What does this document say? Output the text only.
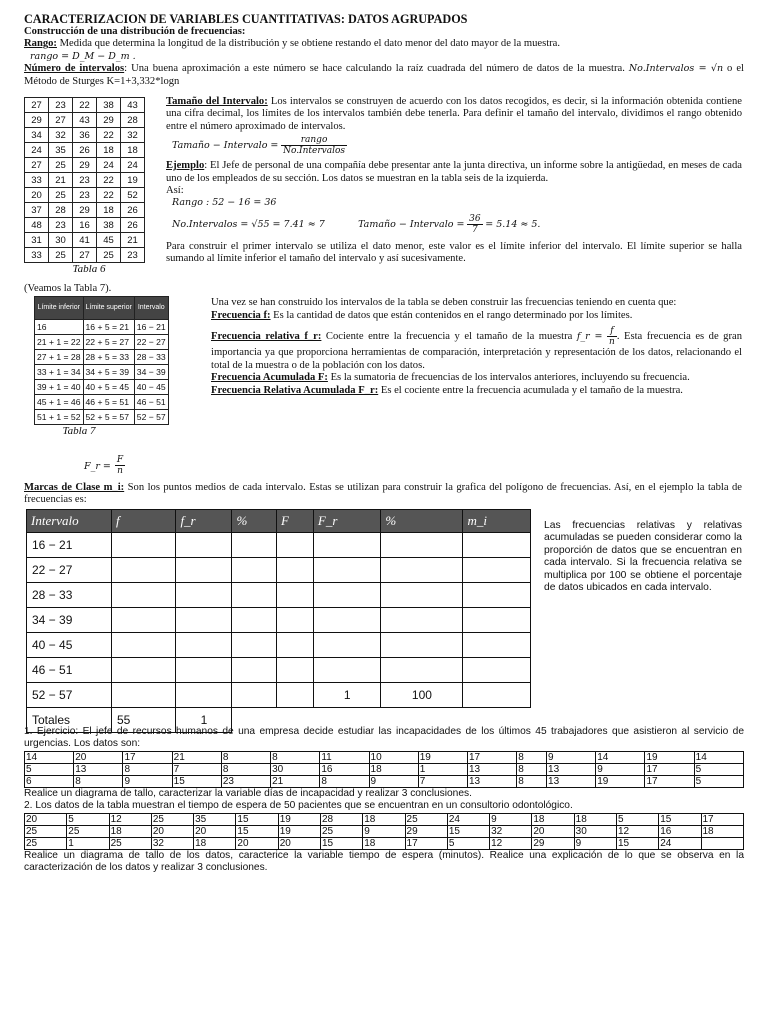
CARACTERIZACION DE VARIABLES CUANTITATIVAS: DATOS AGRUPADOS

Construcción de una distribución de frecuencias:

Rango: Medida que determina la longitud de la distribución y se obtiene restando el dato menor del dato mayor de la muestra.

rango = D_M − D_m .

Número de intervalos: Una buena aproximación a este número se hace calculando la raíz cuadrada del número de datos de la muestra. No.Intervalos = √n o el Método de Sturges K=1+3,332*logn

27	23	22	38	43
29	27	43	29	28
34	32	36	22	32
24	35	26	18	18
27	25	29	24	24
33	21	23	22	19
20	25	23	22	52
37	28	29	18	26
48	23	16	38	26
31	30	41	45	21
33	25	27	25	23
Tabla 6

Tamaño del Intervalo: Los intervalos se construyen de acuerdo con los datos recogidos, es decir, si la información obtenida contiene una cifra decimal, los límites de los intervalos también debe tenerla. Para definir el tamaño del intervalo, dividimos el rango obtenido entre el número aproximado de intervalos.

Tamaño − Intervalo = $\frac{\text{rango}}{\text{No.Intervalos}}$

Ejemplo: El Jefe de personal de una compañía debe presentar ante la junta directiva, un informe sobre la antigüedad, en meses de cada uno de los empleados de su sección. Los datos se muestran en la tabla seis de la izquierda.

Así:

Rango : 52 − 16 = 36

No.Intervalos = √55 = 7.41 ≈ 7	Tamaño − Intervalo = $\frac{36}{7} = 5.14 \approx 5$.

Para construir el primer intervalo se utiliza el dato menor, este valor es el límite inferior del intervalo. El límite superior se halla sumando al límite inferior el tamaño del intervalo y así sucesivamente.

(Veamos la Tabla 7).

Límite inferior	Límite superior	Intervalo
16	16 + 5 = 21	16 − 21
21 + 1 = 22	22 + 5 = 27	22 − 27
27 + 1 = 28	28 + 5 = 33	28 − 33
33 + 1 = 34	34 + 5 = 39	34 − 39
39 + 1 = 40	40 + 5 = 45	40 − 45
45 + 1 = 46	46 + 5 = 51	46 − 51
51 + 1 = 52	52 + 5 = 57	52 − 57
Tabla 7

Una vez se han construido los intervalos de la tabla se deben construir las frecuencias teniendo en cuenta que:

Frecuencia f: Es la cantidad de datos que están contenidos en el rango determinado por los límites.

Frecuencia relativa f_r: Cociente entre la frecuencia y el tamaño de la muestra f_r = $\frac{f}{n}$ . Esta frecuencia es de gran importancia ya que proporciona herramientas de comparación, interpretación y representación de los datos, relacionando el total de la muestra o de la población con los datos.

Frecuencia Acumulada F: Es la sumatoria de frecuencias de los intervalos anteriores, incluyendo su frecuencia.

Frecuencia Relativa Acumulada F_r: Es el cociente entre la frecuencia acumulada y el tamaño de la muestra.

F_r = $\frac{F}{n}$

Marcas de Clase m_i: Son los puntos medios de cada intervalo. Estas se utilizan para construir la grafica del polígono de frecuencias. Así, en el ejemplo la tabla de frecuencias es:

Intervalo	f	f_r	%	F	F_r	%	m_i
16 − 21							
22 − 27							
28 − 33							
34 − 39							
40 − 45							
46 − 51							
52 − 57					1	100	
Totales	55	1					

Las frecuencias relativas y relativas acumuladas se pueden considerar como la proporción de datos que se encuentran en cada intervalo. Si la frecuencia relativa se multiplica por 100 se obtiene el porcentaje de datos ubicados en cada intervalo.

1. Ejercicio: El jefe de recursos humanos de una empresa decide estudiar las incapacidades de los últimos 45 trabajadores que asistieron al servicio de urgencias. Los datos son:

14	20	17	21	8	8	11	10	19	17	8	9	14	19	14
5	13	8	7	8	30	16	18	1	13	8	13	9	17	5
6	8	9	15	23	21	8	9	7	13	8	13	19	17	5

Realice un diagrama de tallo, caracterizar la variable días de incapacidad y realizar 3 conclusiones.

2. Los datos de la tabla muestran el tiempo de espera de 50 pacientes que se encuentran en un consultorio odontológico.

20	5	12	25	35	15	19	28	18	25	24	9	18	18	5	15	17
25	25	18	20	20	15	19	25	9	29	15	32	20	30	12	16	18
25	1	25	32	18	20	20	15	18	17	5	12	29	9	15	24	

Realice un diagrama de tallo de los datos, caracterice la variable tiempo de espera (minutos). Realice una explicación de lo que se observa en la caracterización de los datos y realizar 3 conclusiones.
